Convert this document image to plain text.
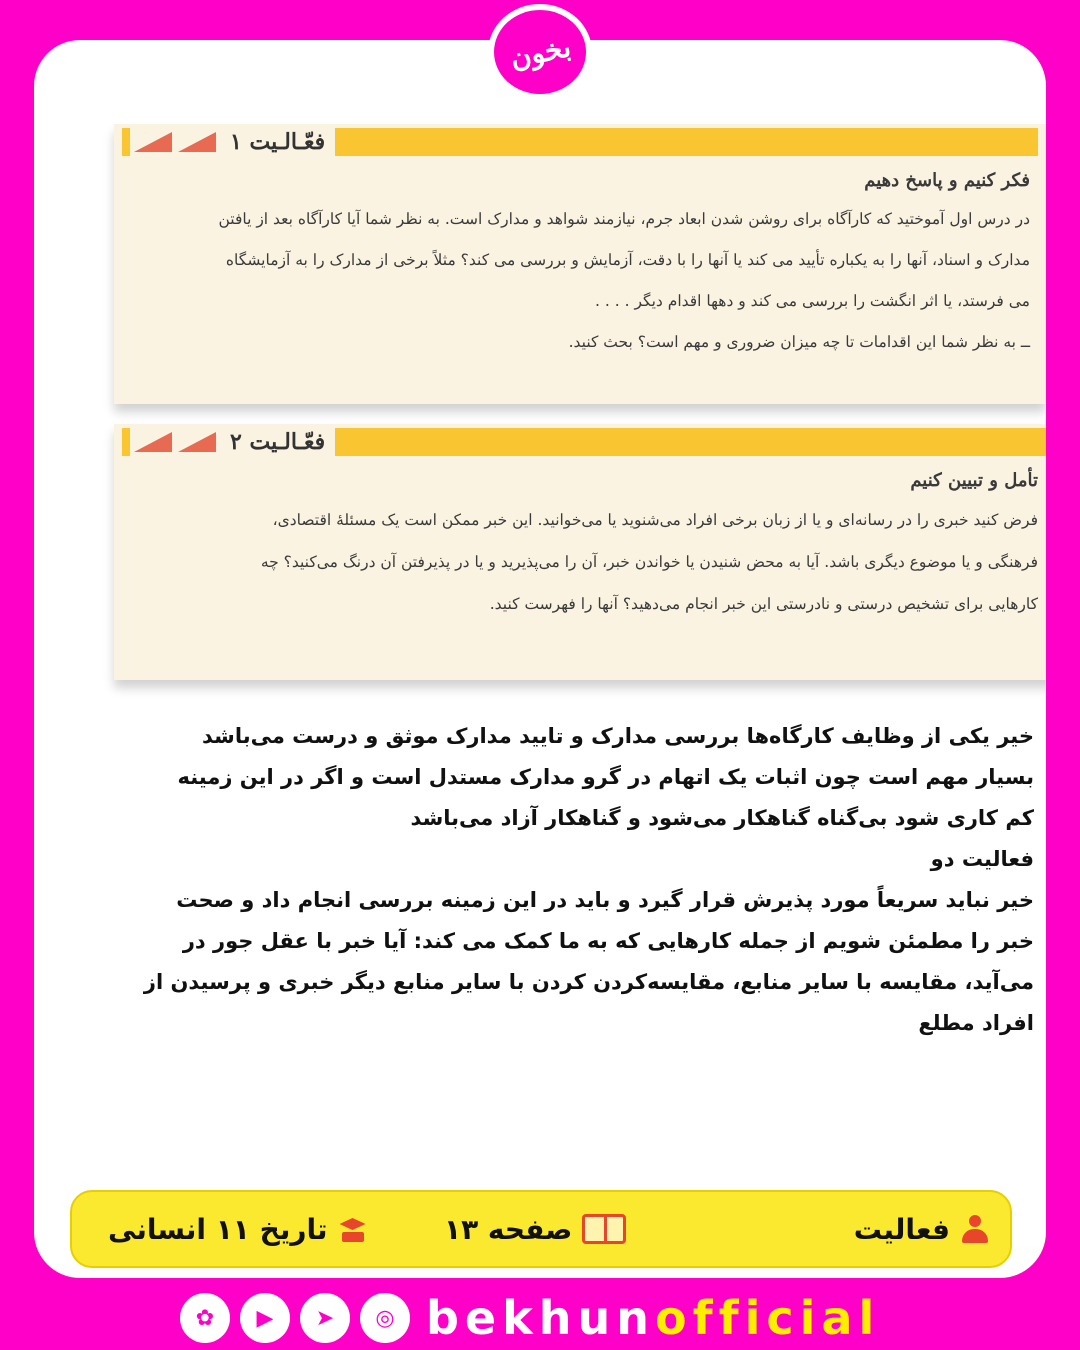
فعّـالـیت ۱
فکر کنیم و پاسخ دهیم

در درس اول آموختید که کارآگاه برای روشن شدن ابعاد جرم، نیازمند شواهد و مدارک است. به نظر شما آیا کارآگاه بعد از یافتن

مدارک و اسناد، آنها را به یکباره تأیید می کند یا آنها را با دقت، آزمایش و بررسی می کند؟ مثلاً برخی از مدارک را به آزمایشگاه

می فرستد، یا اثر انگشت را بررسی می کند و دهها اقدام دیگر . . . .

ــ به نظر شما این اقدامات تا چه میزان ضروری و مهم است؟ بحث کنید.

فعّـالـیت ۲
تأمل و تبیین کنیم

فرض کنید خبری را در رسانه‌ای و یا از زبان برخی افراد می‌شنوید یا می‌خوانید. این خبر ممکن است یک مسئلهٔ اقتصادی،

فرهنگی و یا موضوع دیگری باشد. آیا به محض شنیدن یا خواندن خبر، آن را می‌پذیرید و یا در پذیرفتن آن درنگ می‌کنید؟ چه

کارهایی برای تشخیص درستی و نادرستی این خبر انجام می‌دهید؟ آنها را فهرست کنید.

بخون

خیر یکی از وظایف کارگاه‌ها بررسی مدارک و تایید مدارک موثق و درست می‌باشد

بسیار مهم است چون اثبات یک اتهام در گرو مدارک مستدل است و اگر در این زمینه

کم کاری شود بی‌گناه گناهکار می‌شود و گناهکار آزاد می‌باشد

فعالیت دو

خیر نباید سریعاً مورد پذیرش قرار گیرد و باید در این زمینه بررسی انجام داد و صحت

خبر را مطمئن شویم از جمله کارهایی که به ما کمک می کند: آیا خبر با عقل جور در

می‌آید، مقایسه با سایر منابع، مقایسه‌کردن کردن با سایر منابع دیگر خبری و پرسیدن از

افراد مطلع

فعالیت
صفحه ۱۳
تاریخ ۱۱ انسانی
✿	▶	➤	◎ bekhunofficial
